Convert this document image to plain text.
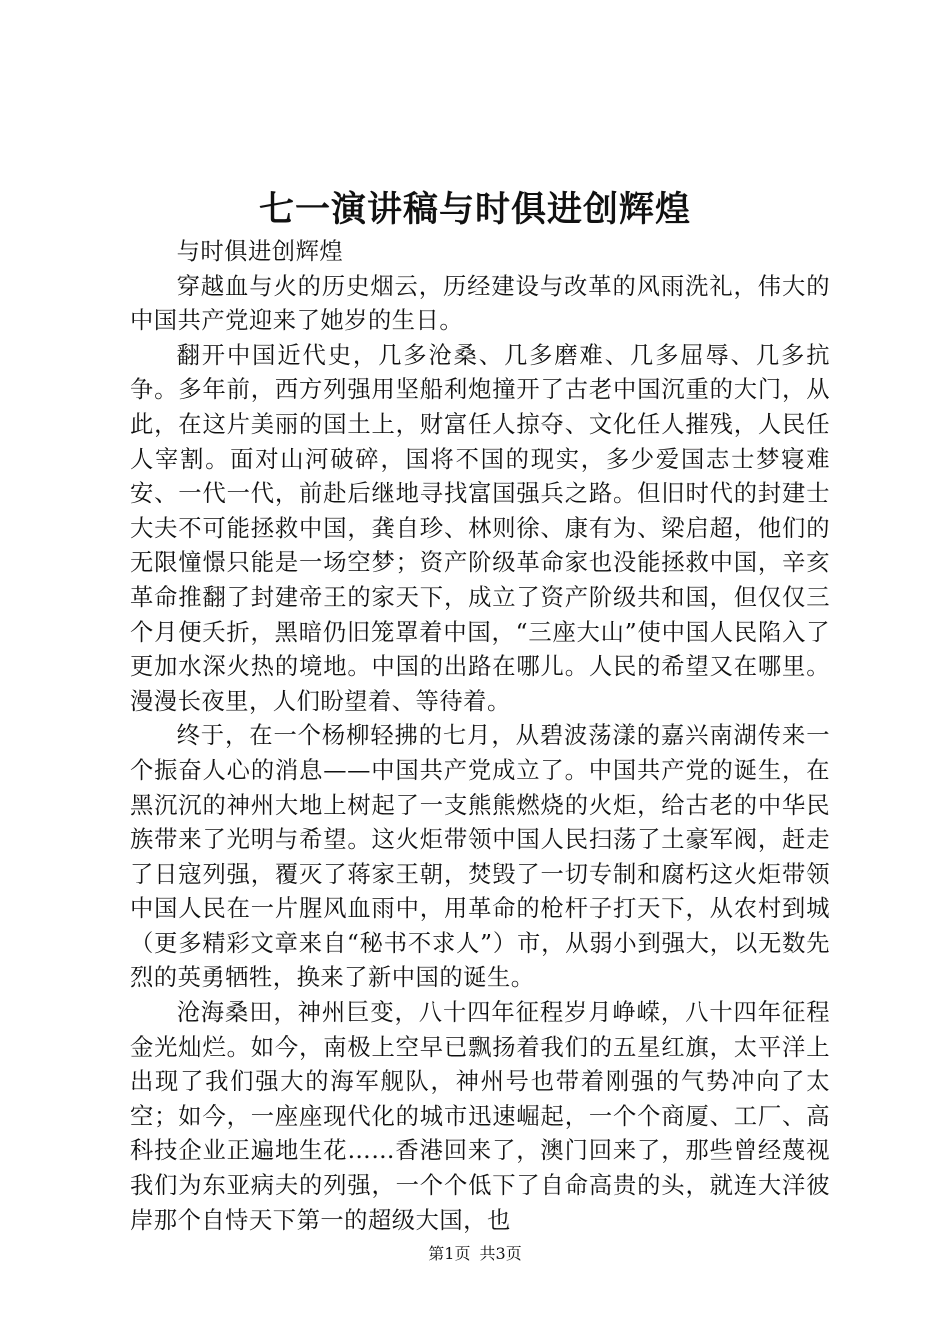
七一演讲稿与时俱进创辉煌

与时俱进创辉煌

穿越血与火的历史烟云，历经建设与改革的风雨洗礼，伟大的中国共产党迎来了她岁的生日。

翻开中国近代史，几多沧桑、几多磨难、几多屈辱、几多抗争。多年前，西方列强用坚船利炮撞开了古老中国沉重的大门，从此，在这片美丽的国土上，财富任人掠夺、文化任人摧残，人民任人宰割。面对山河破碎，国将不国的现实，多少爱国志士梦寝难安、一代一代，前赴后继地寻找富国强兵之路。但旧时代的封建士大夫不可能拯救中国，龚自珍、林则徐、康有为、梁启超，他们的无限憧憬只能是一场空梦；资产阶级革命家也没能拯救中国，辛亥革命推翻了封建帝王的家天下，成立了资产阶级共和国，但仅仅三个月便夭折，黑暗仍旧笼罩着中国，“三座大山”使中国人民陷入了更加水深火热的境地。中国的出路在哪儿。人民的希望又在哪里。漫漫长夜里，人们盼望着、等待着。

终于，在一个杨柳轻拂的七月，从碧波荡漾的嘉兴南湖传来一个振奋人心的消息——中国共产党成立了。中国共产党的诞生，在黑沉沉的神州大地上树起了一支熊熊燃烧的火炬，给古老的中华民族带来了光明与希望。这火炬带领中国人民扫荡了土豪军阀，赶走了日寇列强，覆灭了蒋家王朝，焚毁了一切专制和腐朽这火炬带领中国人民在一片腥风血雨中，用革命的枪杆子打天下，从农村到城（更多精彩文章来自“秘书不求人”）市，从弱小到强大，以无数先烈的英勇牺牲，换来了新中国的诞生。

沧海桑田，神州巨变，八十四年征程岁月峥嵘，八十四年征程金光灿烂。如今，南极上空早已飘扬着我们的五星红旗，太平洋上出现了我们强大的海军舰队，神州号也带着刚强的气势冲向了太空；如今，一座座现代化的城市迅速崛起，一个个商厦、工厂、高科技企业正遍地生花……香港回来了，澳门回来了，那些曾经蔑视我们为东亚病夫的列强，一个个低下了自命高贵的头，就连大洋彼岸那个自恃天下第一的超级大国，也

第1页 共3页
